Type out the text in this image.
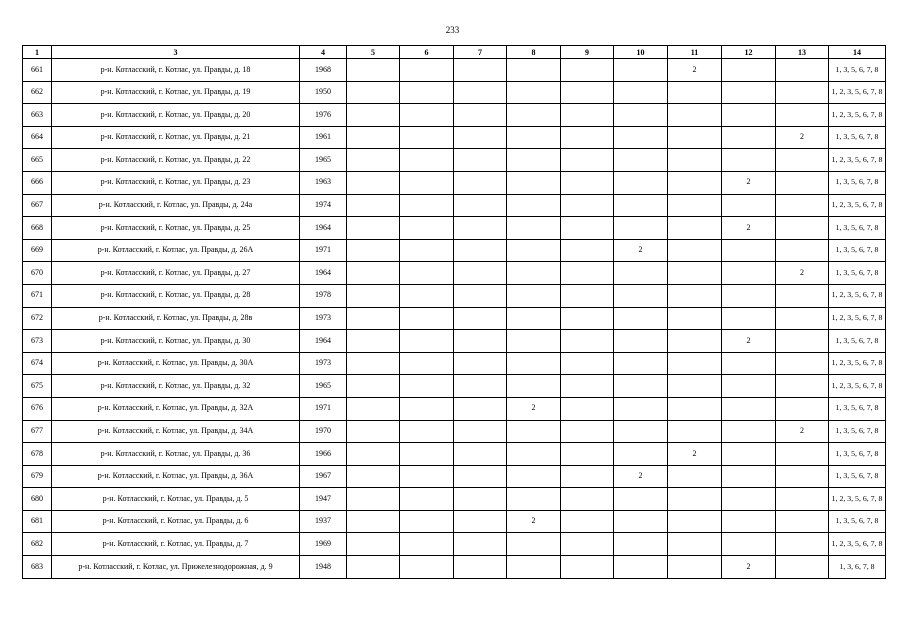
233
1	3	4	5	6	7	8	9	10	11	12	13	14
661	р-н. Котласский, г. Котлас, ул. Правды, д. 18	1968							2			1, 3, 5, 6, 7, 8
662	р-н. Котласский, г. Котлас, ул. Правды, д. 19	1950										1, 2, 3, 5, 6, 7, 8
663	р-н. Котласский, г. Котлас, ул. Правды, д. 20	1976										1, 2, 3, 5, 6, 7, 8
664	р-н. Котласский, г. Котлас, ул. Правды, д. 21	1961									2	1, 3, 5, 6, 7, 8
665	р-н. Котласский, г. Котлас, ул. Правды, д. 22	1965										1, 2, 3, 5, 6, 7, 8
666	р-н. Котласский, г. Котлас, ул. Правды, д. 23	1963								2		1, 3, 5, 6, 7, 8
667	р-н. Котласский, г. Котлас, ул. Правды, д. 24а	1974										1, 2, 3, 5, 6, 7, 8
668	р-н. Котласский, г. Котлас, ул. Правды, д. 25	1964								2		1, 3, 5, 6, 7, 8
669	р-н. Котласский, г. Котлас, ул. Правды, д. 26А	1971						2				1, 3, 5, 6, 7, 8
670	р-н. Котласский, г. Котлас, ул. Правды, д. 27	1964									2	1, 3, 5, 6, 7, 8
671	р-н. Котласский, г. Котлас, ул. Правды, д. 28	1978										1, 2, 3, 5, 6, 7, 8
672	р-н. Котласский, г. Котлас, ул. Правды, д. 28в	1973										1, 2, 3, 5, 6, 7, 8
673	р-н. Котласский, г. Котлас, ул. Правды, д. 30	1964								2		1, 3, 5, 6, 7, 8
674	р-н. Котласский, г. Котлас, ул. Правды, д. 30А	1973										1, 2, 3, 5, 6, 7, 8
675	р-н. Котласский, г. Котлас, ул. Правды, д. 32	1965										1, 2, 3, 5, 6, 7, 8
676	р-н. Котласский, г. Котлас, ул. Правды, д. 32А	1971				2						1, 3, 5, 6, 7, 8
677	р-н. Котласский, г. Котлас, ул. Правды, д. 34А	1970									2	1, 3, 5, 6, 7, 8
678	р-н. Котласский, г. Котлас, ул. Правды, д. 36	1966							2			1, 3, 5, 6, 7, 8
679	р-н. Котласский, г. Котлас, ул. Правды, д. 36А	1967						2				1, 3, 5, 6, 7, 8
680	р-н. Котласский, г. Котлас, ул. Правды, д. 5	1947										1, 2, 3, 5, 6, 7, 8
681	р-н. Котласский, г. Котлас, ул. Правды, д. 6	1937				2						1, 3, 5, 6, 7, 8
682	р-н. Котласский, г. Котлас, ул. Правды, д. 7	1969										1, 2, 3, 5, 6, 7, 8
683	р-н. Котласский, г. Котлас, ул. Прижелезнодорожная, д. 9	1948								2		1, 3, 6, 7, 8
